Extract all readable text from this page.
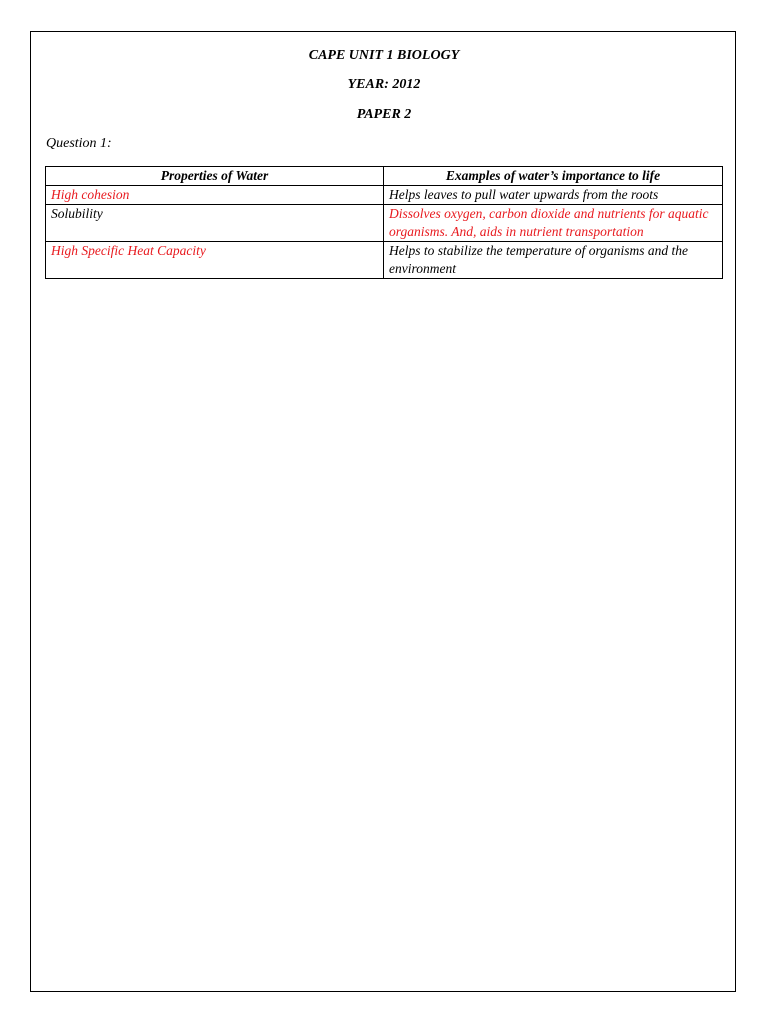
CAPE UNIT 1 BIOLOGY
YEAR: 2012
PAPER 2
Question 1:
Properties of Water	Examples of water’s importance to life
High cohesion	Helps leaves to pull water upwards from the roots
Solubility	Dissolves oxygen, carbon dioxide and nutrients for aquatic organisms. And, aids in nutrient transportation
High Specific Heat Capacity	Helps to stabilize the temperature of organisms and the environment
